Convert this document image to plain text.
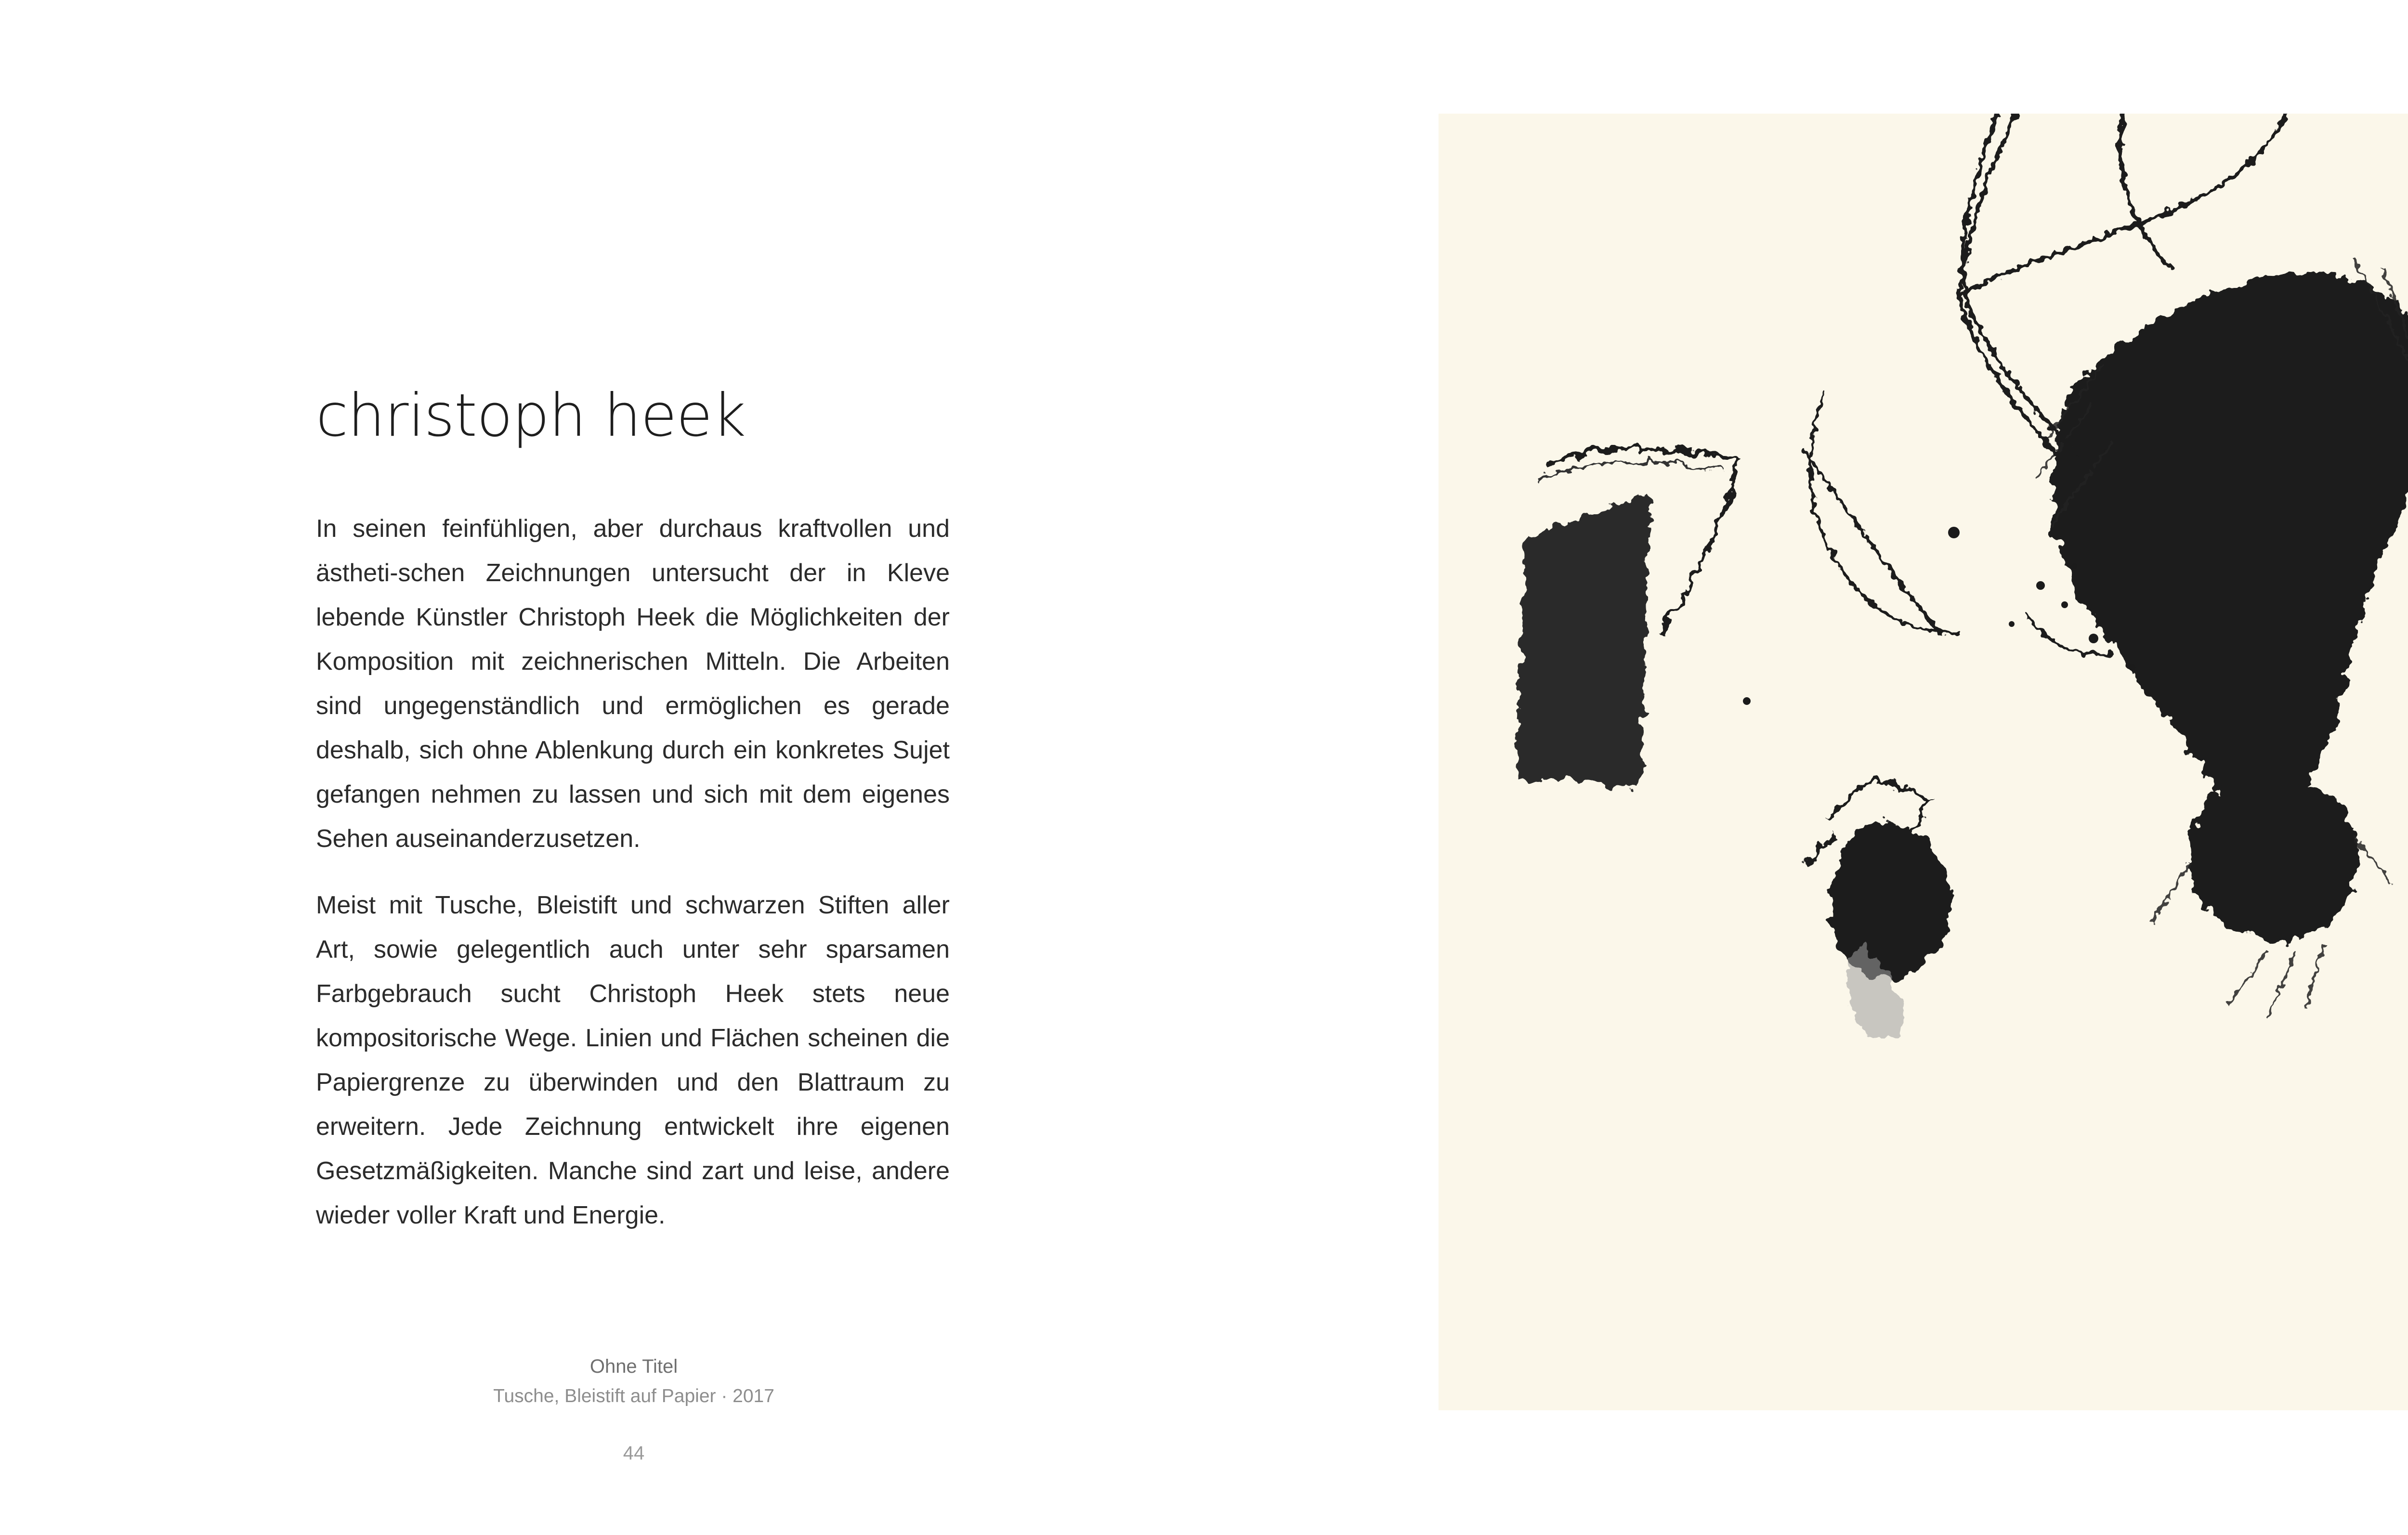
christoph heek

In seinen feinfühligen, aber durchaus kraftvollen und ästheti-schen Zeichnungen untersucht der in Kleve lebende Künstler Christoph Heek die Möglichkeiten der Komposition mit zeichnerischen Mitteln. Die Arbeiten sind ungegenständlich und ermöglichen es gerade deshalb, sich ohne Ablenkung durch ein konkretes Sujet gefangen nehmen zu lassen und sich mit dem eigenes Sehen auseinanderzusetzen.

Meist mit Tusche, Bleistift und schwarzen Stiften aller Art, sowie gelegentlich auch unter sehr sparsamen Farbgebrauch sucht Christoph Heek stets neue kompositorische Wege. Linien und Flächen scheinen die Papiergrenze zu überwinden und den Blattraum zu erweitern. Jede Zeichnung entwickelt ihre eigenen Gesetzmäßigkeiten. Manche sind zart und leise, andere wieder voller Kraft und Energie.

Ohne Titel
Tusche, Bleistift auf Papier · 2017
44
